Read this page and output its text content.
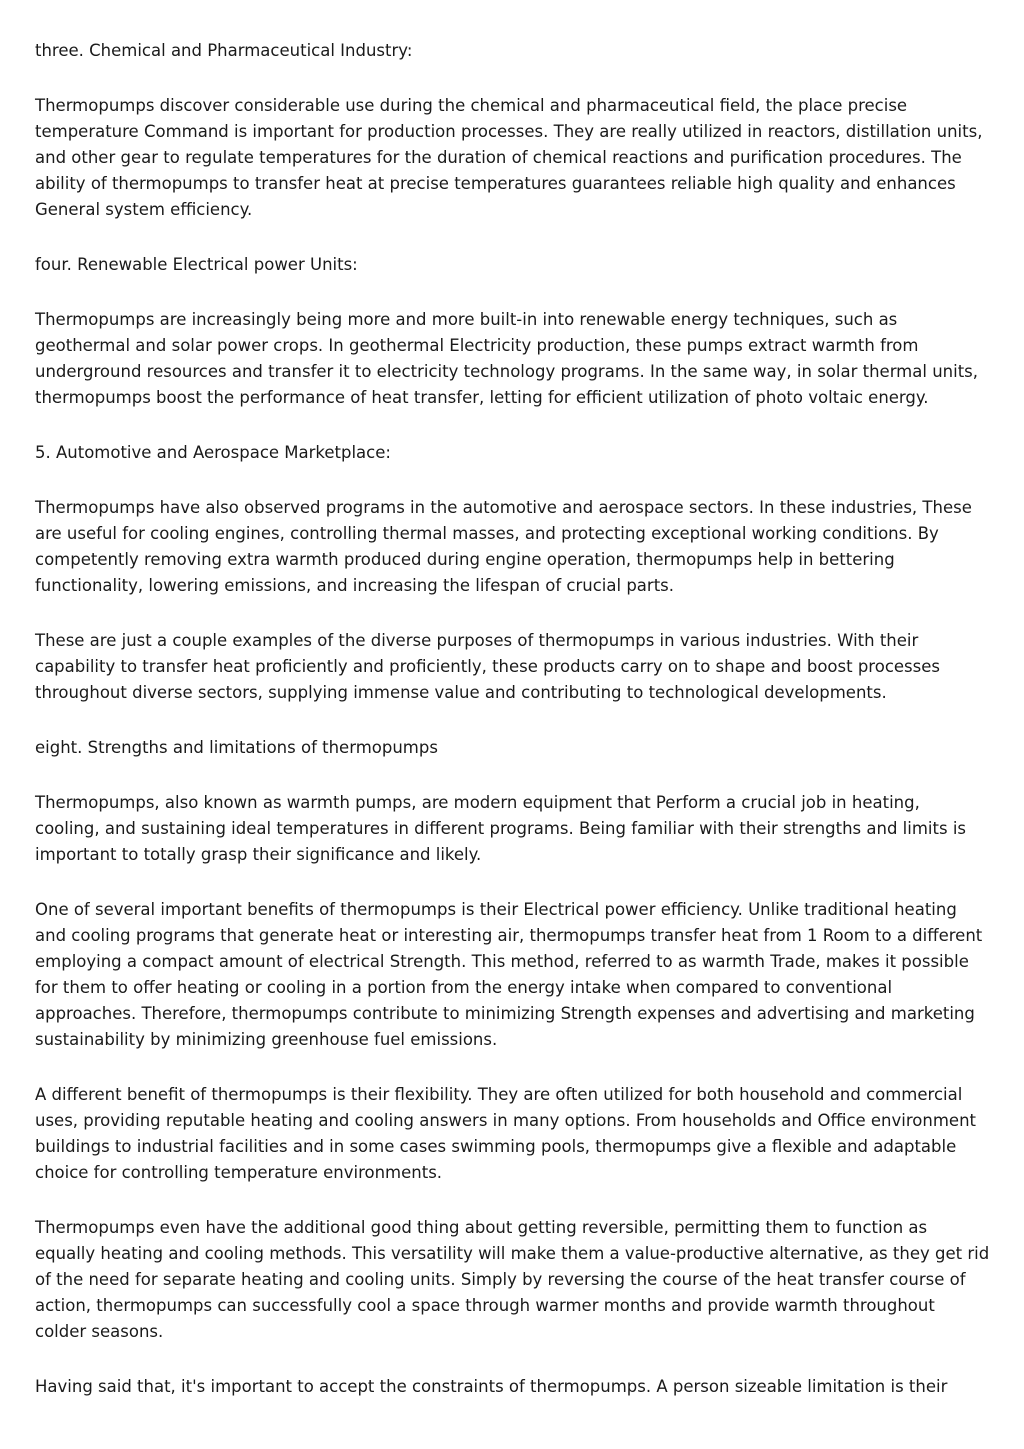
three. Chemical and Pharmaceutical Industry:

Thermopumps discover considerable use during the chemical and pharmaceutical field, the place precise
temperature Command is important for production processes. They are really utilized in reactors, distillation units,
and other gear to regulate temperatures for the duration of chemical reactions and purification procedures. The
ability of thermopumps to transfer heat at precise temperatures guarantees reliable high quality and enhances
General system efficiency.

four. Renewable Electrical power Units:

Thermopumps are increasingly being more and more built-in into renewable energy techniques, such as
geothermal and solar power crops. In geothermal Electricity production, these pumps extract warmth from
underground resources and transfer it to electricity technology programs. In the same way, in solar thermal units,
thermopumps boost the performance of heat transfer, letting for efficient utilization of photo voltaic energy.

5. Automotive and Aerospace Marketplace:

Thermopumps have also observed programs in the automotive and aerospace sectors. In these industries, These
are useful for cooling engines, controlling thermal masses, and protecting exceptional working conditions. By
competently removing extra warmth produced during engine operation, thermopumps help in bettering
functionality, lowering emissions, and increasing the lifespan of crucial parts.

These are just a couple examples of the diverse purposes of thermopumps in various industries. With their
capability to transfer heat proficiently and proficiently, these products carry on to shape and boost processes
throughout diverse sectors, supplying immense value and contributing to technological developments.

eight. Strengths and limitations of thermopumps

Thermopumps, also known as warmth pumps, are modern equipment that Perform a crucial job in heating,
cooling, and sustaining ideal temperatures in different programs. Being familiar with their strengths and limits is
important to totally grasp their significance and likely.

One of several important benefits of thermopumps is their Electrical power efficiency. Unlike traditional heating
and cooling programs that generate heat or interesting air, thermopumps transfer heat from 1 Room to a different
employing a compact amount of electrical Strength. This method, referred to as warmth Trade, makes it possible
for them to offer heating or cooling in a portion from the energy intake when compared to conventional
approaches. Therefore, thermopumps contribute to minimizing Strength expenses and advertising and marketing
sustainability by minimizing greenhouse fuel emissions.

A different benefit of thermopumps is their flexibility. They are often utilized for both household and commercial
uses, providing reputable heating and cooling answers in many options. From households and Office environment
buildings to industrial facilities and in some cases swimming pools, thermopumps give a flexible and adaptable
choice for controlling temperature environments.

Thermopumps even have the additional good thing about getting reversible, permitting them to function as
equally heating and cooling methods. This versatility will make them a value-productive alternative, as they get rid
of the need for separate heating and cooling units. Simply by reversing the course of the heat transfer course of
action, thermopumps can successfully cool a space through warmer months and provide warmth throughout
colder seasons.

Having said that, it's important to accept the constraints of thermopumps. A person sizeable limitation is their
